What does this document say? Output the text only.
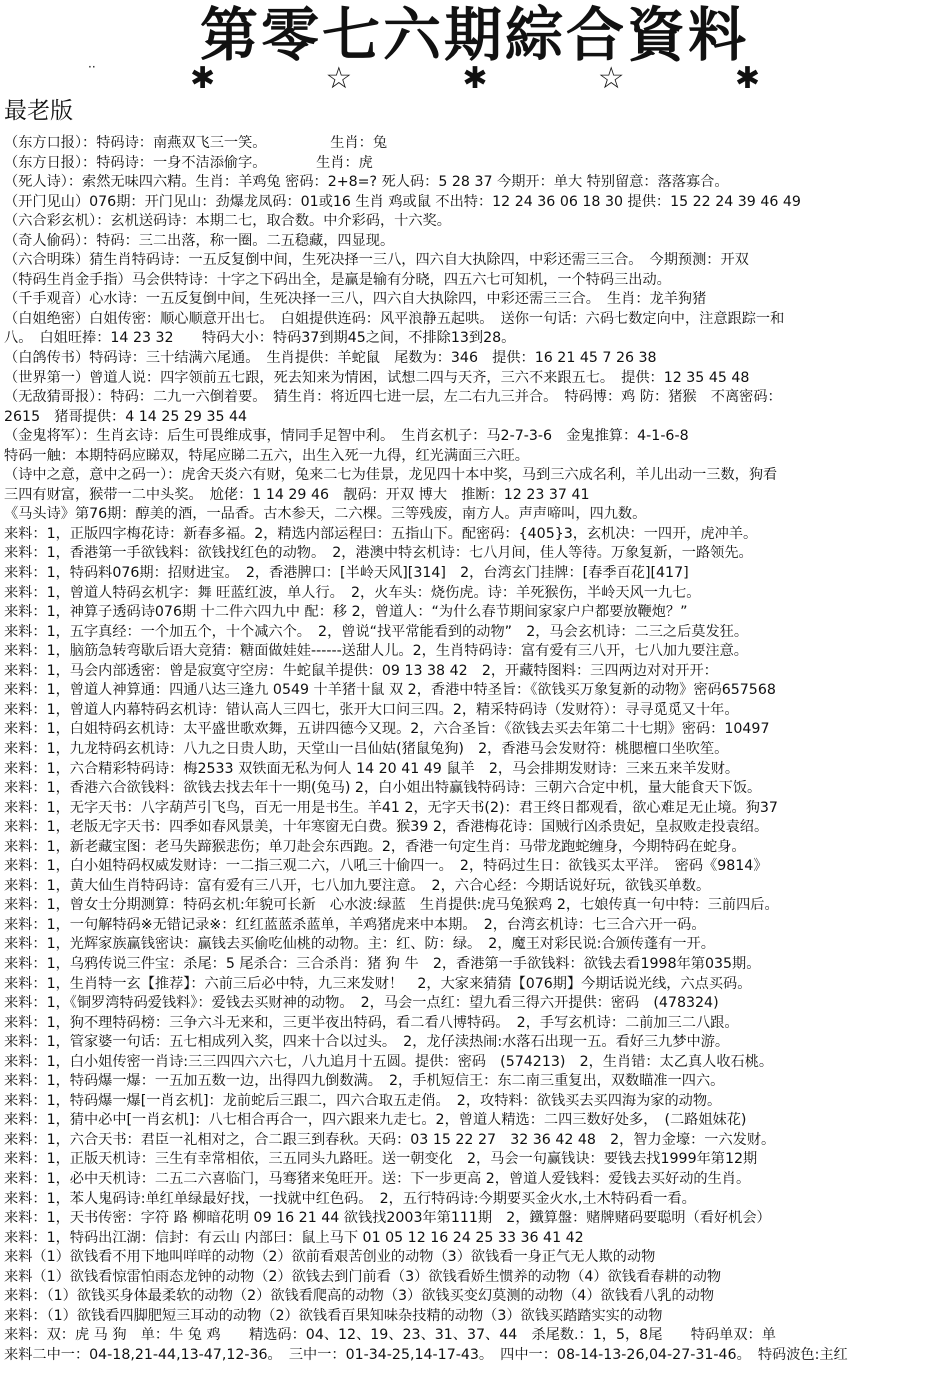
第零七六期綜合資料
··	✱	☆	✱	☆	✱
最老版
（东方口报）：特码诗：南燕双飞三一笑。　　　　　生肖：兔
（东方日报）：特码诗：一身不洁添偷字。　　　　生肖：虎
（死人诗）：索然无味四六精。生肖：羊鸡兔 密码：2+8=? 死人码：5 28 37 今期开：单大 特别留意：落落寡合。
（开门见山）076期：开门见山：劲爆龙凤码：01或16 生肖 鸡或鼠 不出特：12 24 36 06 18 30 提供：15 22 24 39 46 49
（六合彩玄机）：玄机送码诗：本期二七，取合数。中介彩码，十六奖。
（奇人偷码）：特码：三二出落，称一圈。二五稳藏，四显现。
（六合明珠）猜生肖特码诗：一五反复倒中间，生死决择一三八，四六自大执除四，中彩还需三三合。　今期预测：开双
（特码生肖金手指）马会供特诗：十字之下码出全，是赢是输有分晓，四五六七可知机，一个特码三出动。
（千手观音）心水诗：一五反复倒中间，生死决择一三八，四六自大执除四，中彩还需三三合。　生肖：龙羊狗猪
（白姐绝密）白姐传密：顺心顺意开出七。　白姐提供连码：风平浪静五起哄。　送你一句话：六码七数定向中，注意跟踪一和
八。　白姐旺捧：14 23 32　　特码大小：特码37到期45之间，不排除13到28。
（白鸽传书）特码诗：三十结满六尾通。　生肖提供：羊蛇鼠　尾数为：346　提供：16 21 45 7 26 38
（世界第一）曾道人说：四字领前五七跟，死去知来为情困，试想二四与天齐，三六不来跟五七。　提供：12 35 45 48
（无敌猜哥报）：特码：二九一六倒着要。　猜生肖：将近四七进一层，左二右九三并合。　特码博：鸡 防：猪猴　不离密码：
2615　猪哥提供：4 14 25 29 35 44
（金鬼将军）：生肖玄诗：后生可畏维成事，情同手足智中利。　生肖玄机子：马2-7-3-6　金鬼推算：4-1-6-8
特码一触：本期特码应睇双，特尾应睇二五六，出生入死一九得，红光满面三六旺。
（诗中之意，意中之码一）：虎舍天炎六有财，兔来二七为佳景，龙见四十本中奖，马到三六成名利，羊儿出动一三数，狗看
三四有财富，猴带一二中头奖。　尬佬：1 14 29 46　靓码：开双 博大　推断：12 23 37 41
《马头诗》第76期：醇美的酒，一品香。古木参天，二六棵。三等残废，南方人。声声啼叫，四九数。
来料：1，正版四字梅花诗：新春多福。2，精选内部运程曰：五指山下。配密码：{405}3，玄机决：一四开，虎冲羊。
来料：1，香港第一手欲钱料：欲钱找红色的动物。　2，港澳中特玄机诗：七八月间，佳人等待。万象复新，一路领先。
来料：1，特码料076期：招财进宝。　2，香港脾口：[半岭天风][314]　2，台湾玄门挂牌：[春季百花][417]
来料：1，曾道人特码玄机字：舞 旺蓝红波，单人行。　2，火车头：烧伤虎。诗：羊死猴伤，半岭天风一九七。
来料：1，神算子透码诗076期 十二件六四九中 配：移 2，曾道人：“为什么春节期间家家户户都要放鞭炮？”
来料：1，五字真经：一个加五个，十个减六个。　2，曾说“找平常能看到的动物”　2，马会玄机诗：二三之后莫发狂。
来料：1，脑筋急转弯歇后语大竞猜：糖面做娃娃------送甜人儿。2，生肖特码诗：富有爱有三八开，七八加九要注意。
来料：1，马会内部透密：曾是寂寞守空房：牛蛇鼠羊提供：09 13 38 42　2，开藏特图料：三四两边对对开开：
来料：1，曾道人神算通：四通八达三逢九 0549 十羊猪十鼠 双 2，香港中特圣旨：《欲钱买万象复新的动物》密码657568
来料：1，曾道人内幕特码玄机诗：错认高人三四七，张开大口问三四。2，精采特码诗（发财符）：寻寻觅觅又十年。
来料：1，白姐特码玄机诗：太平盛世歌欢舞，五讲四德今又现。2，六合圣旨：《欲钱去买去年第二十七期》密码：10497
来料：1，九龙特码玄机诗：八九之日贵人助，天堂山一吕仙姑(猪鼠兔狗)　2，香港马会发财符：桃腮檀口坐吹笙。
来料：1，六合精彩特码诗：梅2533 双铁面无私为何人 14 20 41 49 鼠羊　2，马会排期发财诗：三来五来羊发财。
来料：1，香港六合欲钱料：欲钱去找去年十一期(兔马) 2，白小姐出特赢钱特码诗：三朝六合定中机，量大能食天下饭。
来料：1，无字天书：八字葫芦引飞鸟，百无一用是书生。羊41 2，无字天书(2)：君王终日都观看，欲心难足无止境。狗37
来料：1，老版无字天书：四季如春风景美，十年寒窗无白费。猴39 2，香港梅花诗：国贼行凶杀贵妃，皇叔败走投袁绍。
来料：1，新老藏宝图：老马失蹄猴悲伤；单刀赴会东西跑。2，香港一句定生肖：马带龙跑蛇缠身，今期特码在蛇身。
来料：1，白小姐特码权威发财诗：一二指三观二六，八吼三十偷四一。　2，特码过生日：欲钱买太平洋。　密码《9814》
来料：1，黄大仙生肖特码诗：富有爱有三八开，七八加九要注意。　2，六合心经：今期话说好玩，欲钱买单数。
来料：1，曾女士分期测算：特码玄机:年貌可长新　心水波:绿蓝　生肖提供:虎马兔猴鸡 2，七娘传真一句中特：三前四后。
来料：1，一句解特码※无错记录※：红红蓝蓝杀蓝单，羊鸡猪虎来中本期。　2，台湾玄机诗：七三合六开一码。
来料：1，光辉家族赢钱密诀：赢钱去买偷吃仙桃的动物。主：红、防：绿。　2，魔王对彩民说:合颁传蓬有一开。
来料：1，乌鸦传说三件宝：杀尾：5 尾杀合：三合杀肖：猪 狗 牛　2，香港第一手欲钱料：欲钱去看1998年第035期。
来料：1，生肖特一玄【推荐】：六前三后必中特，九三来发财！　2，大家来猜猜【076期】今期话说光线，六点买码。
来料：1，《铜罗湾特码爱钱料》：爱钱去买财神的动物。　2，马会一点红：望九看三得六开提供：密码　(478324)
来料：1，狗不理特码榜：三争六斗无来和，三更半夜出特码，看二看八博特码。　2，手写玄机诗：二前加三二八跟。
来料：1，管家婆一句话：五七相成列入奖，四来十合以过头。　2，龙仔渎热闹:水落石出现一五。看好三九梦中游。
来料：1，白小姐传密一肖诗:三三四四六六七，八九追月十五圆。提供：密码　(574213)　2，生肖错：太乙真人收石桃。
来料：1，特码爆一爆：一五加五数一边，出得四九倒数满。　2，手机短信王：东二南三重复出，双数瞄准一四六。
来料：1，特码爆一爆[一肖玄机]：龙前蛇后三跟二，四六合取五走俏。　2，攻特料：欲钱买去买四海为家的动物。
来料：1，猜中必中[一肖玄机]：八七相合再合一，四六跟来九走七。2，曾道人精选：二四三数好处多，　(二路姐妹花)
来料：1，六合天书：君臣一礼相对之，合二跟三到春秋。天码：03 15 22 27　32 36 42 48　2，智力金壕：一六发财。
来料：1，正版天机诗：三生有幸常相依，三五同头九路旺。送一朝变化　2，马会一句赢钱诀：要钱去找1999年第12期
来料：1，必中天机诗：二五二六喜临门，马骞猪来兔旺开。送：下一步更高 2，曾道人爱钱料：爱钱去买好动的生肖。
来料：1，苯人鬼码诗:单红单绿最好找，一找就中红色码。　2，五行特码诗:今期要买金火水,土木特码看一看。
来料：1，天书传密：字符 路 柳暗花明 09 16 21 44 欲钱找2003年第111期　2，鐵算盤：赌牌赌码要聪明（看好机会）
来料：1，特码出江湖：信封：有云山 内部曰：鼠上马下 01 05 12 16 24 25 33 36 41 42
来料（1）欲钱看不用下地叫咩咩的动物（2）欲前看艰苦创业的动物（3）欲钱看一身正气无人欺的动物
来料（1）欲钱看惊雷怕雨态龙钟的动物（2）欲钱去到门前看（3）欲钱看娇生惯养的动物（4）欲钱看春耕的动物
来料：（1）欲钱买身体最柔软的动物（2）欲钱看爬高的动物（3）欲钱买变幻莫测的动物（4）欲钱看八乳的动物
来料：（1）欲钱看四脚肥短三耳动的动物（2）欲钱看百果知味杂技精的动物（3）欲钱买踏踏实实的动物
来料：双：虎 马 狗　单：牛 兔 鸡　　精选码：04、12、19、23、31、37、44　杀尾数.：1，5，8尾　　特码单双：单
来料二中一：04-18,21-44,13-47,12-36。　三中一：01-34-25,14-17-43。　四中一：08-14-13-26,04-27-31-46。　特码波色:主红
